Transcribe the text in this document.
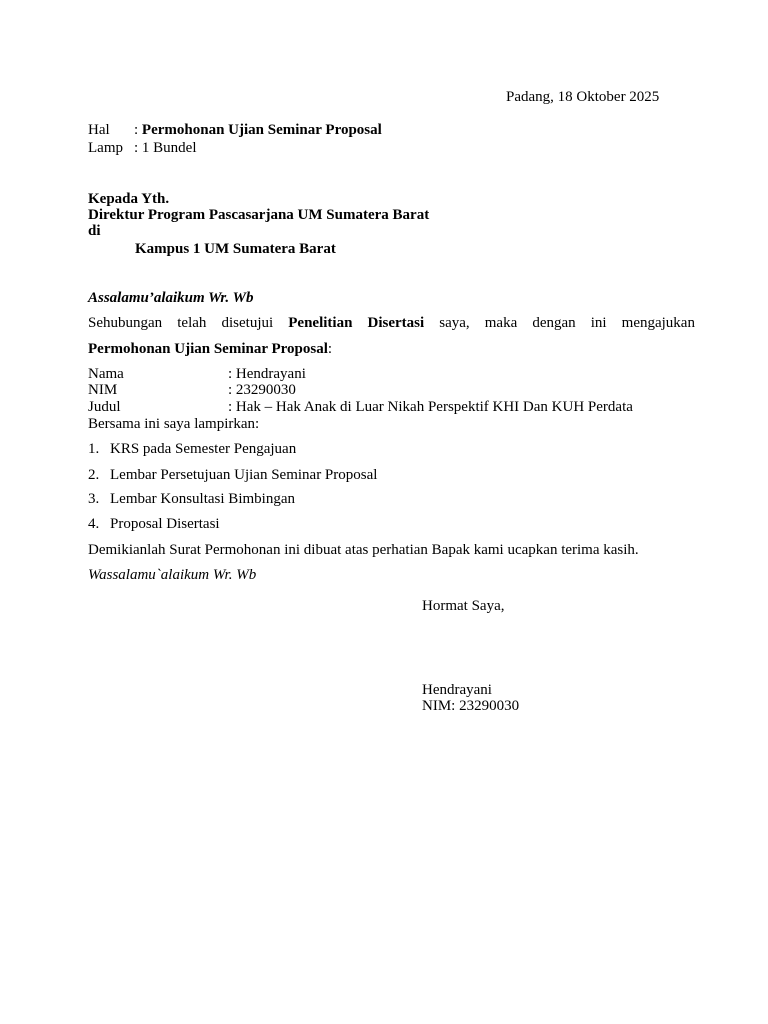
Padang, 18 Oktober 2025
Hal : Permohonan Ujian Seminar Proposal
Lamp : 1 Bundel
Kepada Yth.
Direktur Program Pascasarjana UM Sumatera Barat
di
Kampus 1 UM Sumatera Barat
Assalamu’alaikum Wr. Wb
Sehubungan telah disetujui Penelitian Disertasi saya, maka dengan ini mengajukan
Permohonan Ujian Seminar Proposal:
Nama	: Hendrayani
NIM	: 23290030
Judul	: Hak – Hak Anak di Luar Nikah Perspektif KHI Dan KUH Perdata
Bersama ini saya lampirkan:
1. KRS pada Semester Pengajuan
2. Lembar Persetujuan Ujian Seminar Proposal
3. Lembar Konsultasi Bimbingan
4. Proposal Disertasi
Demikianlah Surat Permohonan ini dibuat atas perhatian Bapak kami ucapkan terima kasih.
Wassalamu`alaikum Wr. Wb
Hormat Saya,
Hendrayani
NIM: 23290030
